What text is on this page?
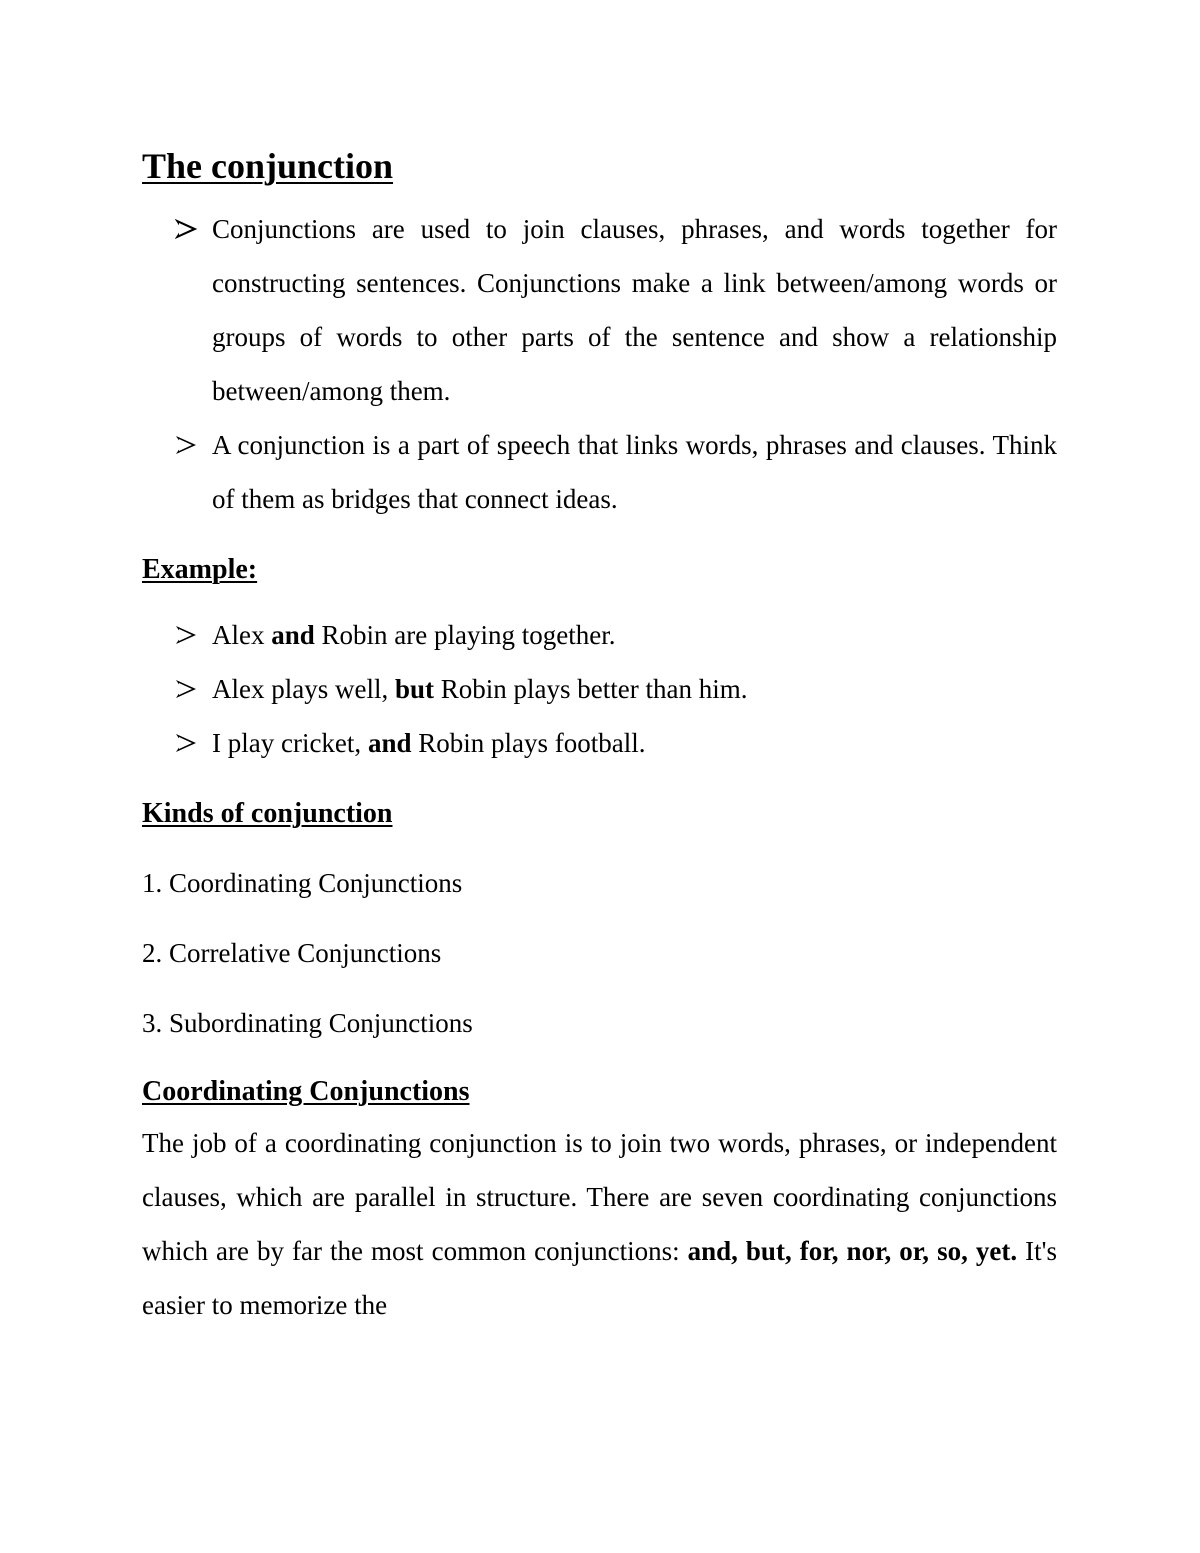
The conjunction
Conjunctions are used to join clauses, phrases, and words together for constructing sentences. Conjunctions make a link between/among words or groups of words to other parts of the sentence and show a relationship between/among them.
A conjunction is a part of speech that links words, phrases and clauses. Think of them as bridges that connect ideas.
Example:
Alex and Robin are playing together.
Alex plays well, but Robin plays better than him.
I play cricket, and Robin plays football.
Kinds of conjunction
1. Coordinating Conjunctions
2. Correlative Conjunctions
3. Subordinating Conjunctions
Coordinating Conjunctions
The job of a coordinating conjunction is to join two words, phrases, or independent clauses, which are parallel in structure. There are seven coordinating conjunctions which are by far the most common conjunctions: and, but, for, nor, or, so, yet. It's easier to memorize the
